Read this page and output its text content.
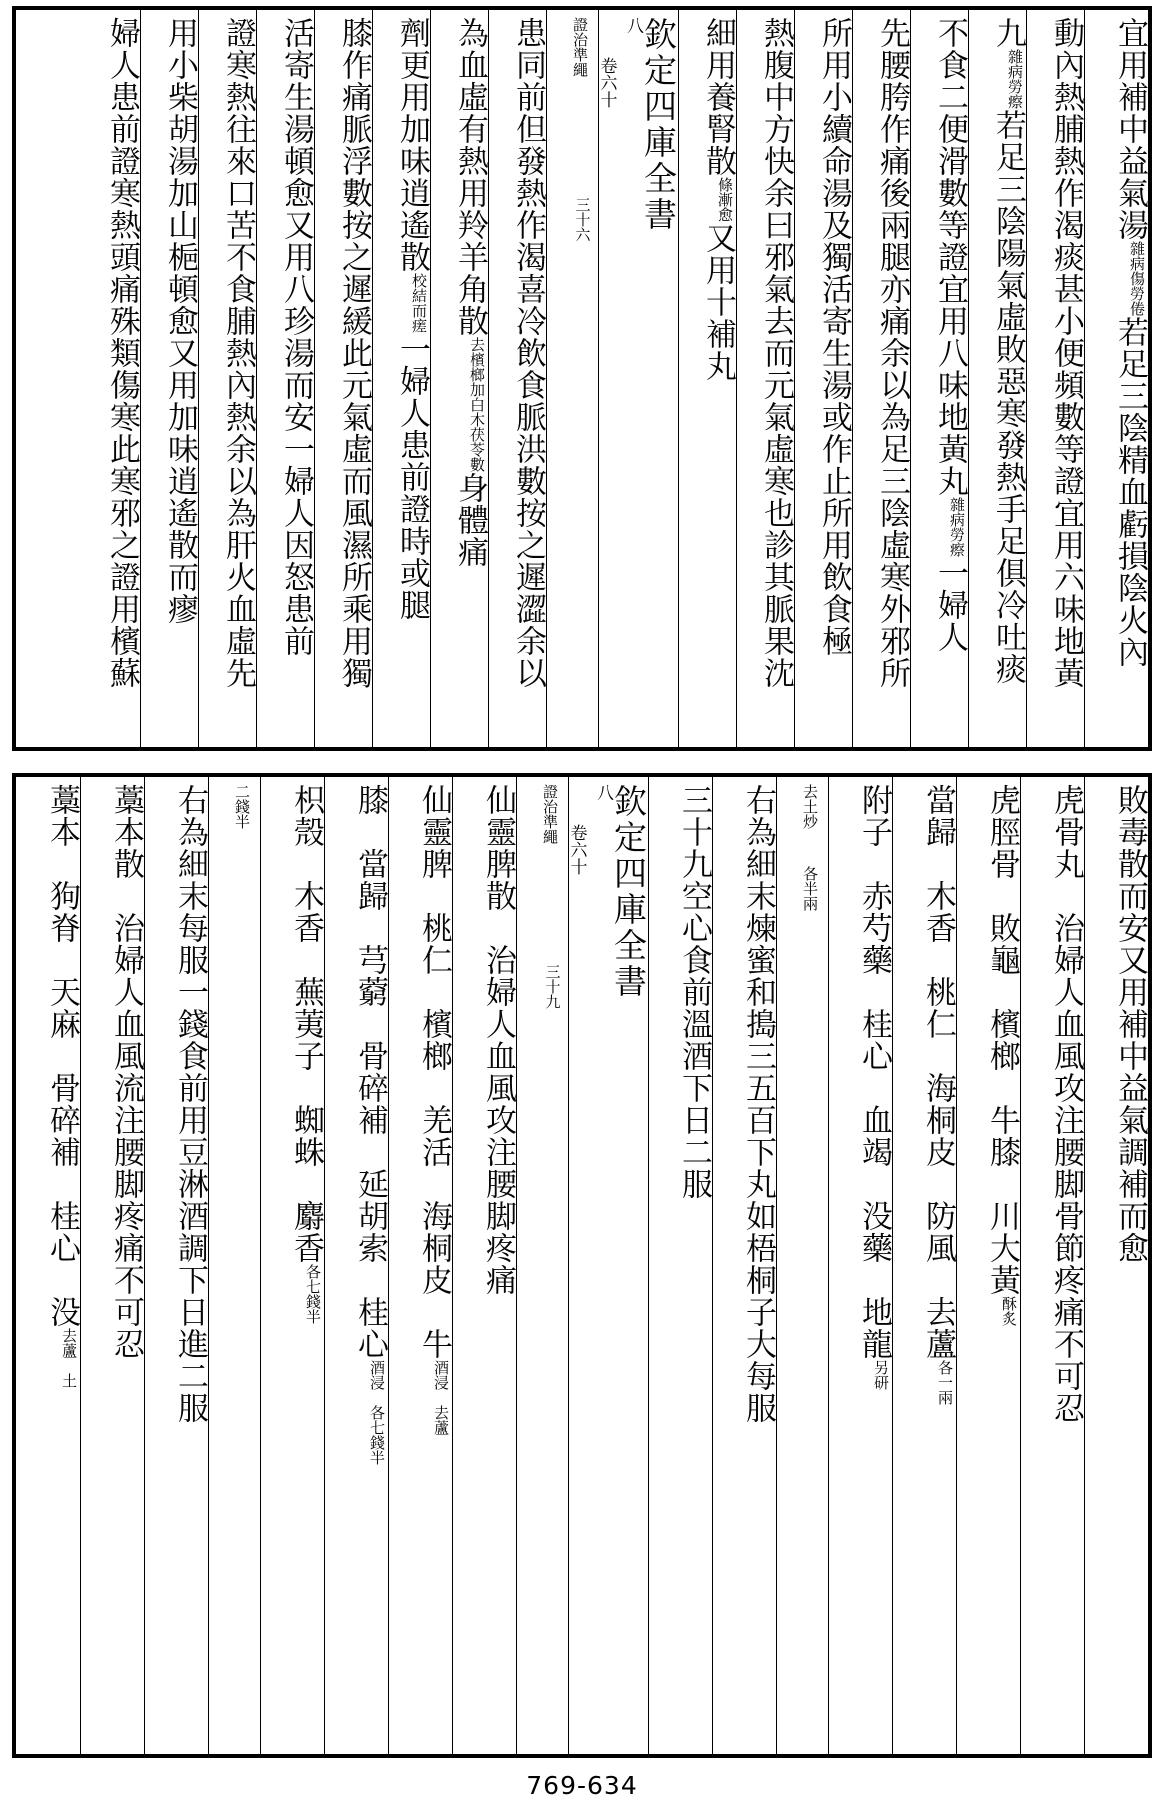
宜用補中益氣湯雜病傷勞倦若足三陰精血虧損陰火內
動內熱脯熱作渴痰甚小便頻數等證宜用六味地黃
九雜病勞瘵若足三陰陽氣虛敗惡寒發熱手足俱冷吐痰
不食二便滑數等證宜用八味地黃丸雜病勞瘵一婦人
先腰胯作痛後兩腿亦痛余以為足三陰虛寒外邪所
所用小續命湯及獨活寄生湯或作止所用飲食極
熱腹中方快余曰邪氣去而元氣虛寒也診其脈果沈
細用養腎散條漸愈又用十補丸
欽定四庫全書
八
卷六十
三十六
證治準繩
患同前但發熱作渴喜冷飲食脈洪數按之遲澀余以
為血虛有熱用羚羊角散去檳榔加白木茯苓數身體痛
劑更用加味逍遙散校結而瘥一婦人患前證時或腿
膝作痛脈浮數按之遲緩此元氣虛而風濕所乘用獨
活寄生湯頓愈又用八珍湯而安一婦人因怒患前
證寒熱往來口苦不食脯熱內熱余以為肝火血虛先
用小柴胡湯加山梔頓愈又用加味逍遙散而瘳
婦人患前證寒熱頭痛殊類傷寒此寒邪之證用檳蘇
敗毒散而安又用補中益氣調補而愈
虎骨丸　治婦人血風攻注腰脚骨節疼痛不可忍
虎脛骨　敗龜　檳榔　牛膝　川大黃酥炙
當歸　木香　桃仁　海桐皮　防風　去蘆各一兩
附子　赤芍藥　桂心　血竭　没藥　地龍另研
去土炒 各半兩
右為細末煉蜜和搗三五百下丸如梧桐子大每服
三十九空心食前溫酒下日二服
欽定四庫全書
八
卷六十
三十九
證治準繩
仙靈脾散　治婦人血風攻注腰脚疼痛
仙靈脾　桃仁　檳榔　羌活　海桐皮　牛酒浸　去蘆
膝　當歸　芎藭　骨碎補　延胡索　桂心酒浸　各七錢半
枳殼　木香　蕪荑子　蜘蛛　麝香各七錢半
二錢半
右為細末每服一錢食前用豆淋酒調下日進二服
藁本散　治婦人血風流注腰脚疼痛不可忍
藁本　狗脊　天麻　骨碎補　桂心　没去蘆　土
769-634
